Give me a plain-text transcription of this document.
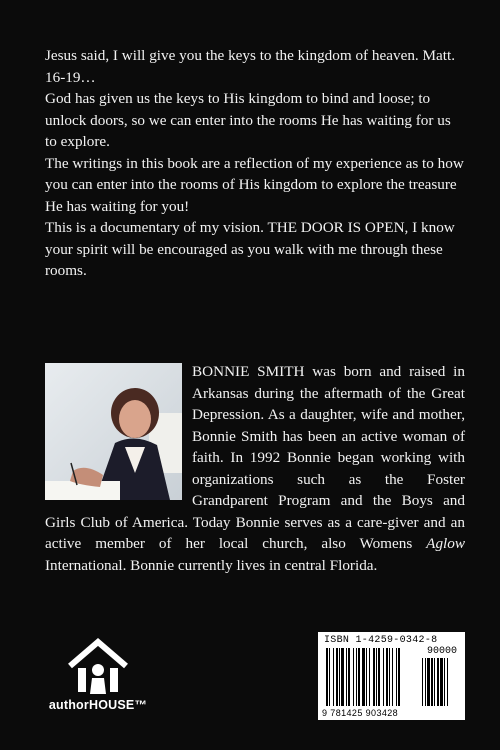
Jesus said, I will give you the keys to the kingdom of heaven. Matt. 16-19…

God has given us the keys to His kingdom to bind and loose; to unlock doors, so we can enter into the rooms He has waiting for us to explore.

The writings in this book are a reflection of my experience as to how you can enter into the rooms of His kingdom to explore the treasure He has waiting for you!

This is a documentary of my vision. THE DOOR IS OPEN, I know your spirit will be encouraged as you walk with me through these rooms.

BONNIE SMITH was born and raised in Arkansas during the aftermath of the Great Depression. As a daughter, wife and mother, Bonnie Smith has been an active woman of faith. In 1992 Bonnie began working with organizations such as the Foster Grandparent Program and the Boys and Girls Club of America. Today Bonnie serves as a care-giver and an active member of her local church, also Womens Aglow International. Bonnie currently lives in central Florida.
authorHOUSE™
ISBN 1-4259-0342-8
90000
9 781425 903428
